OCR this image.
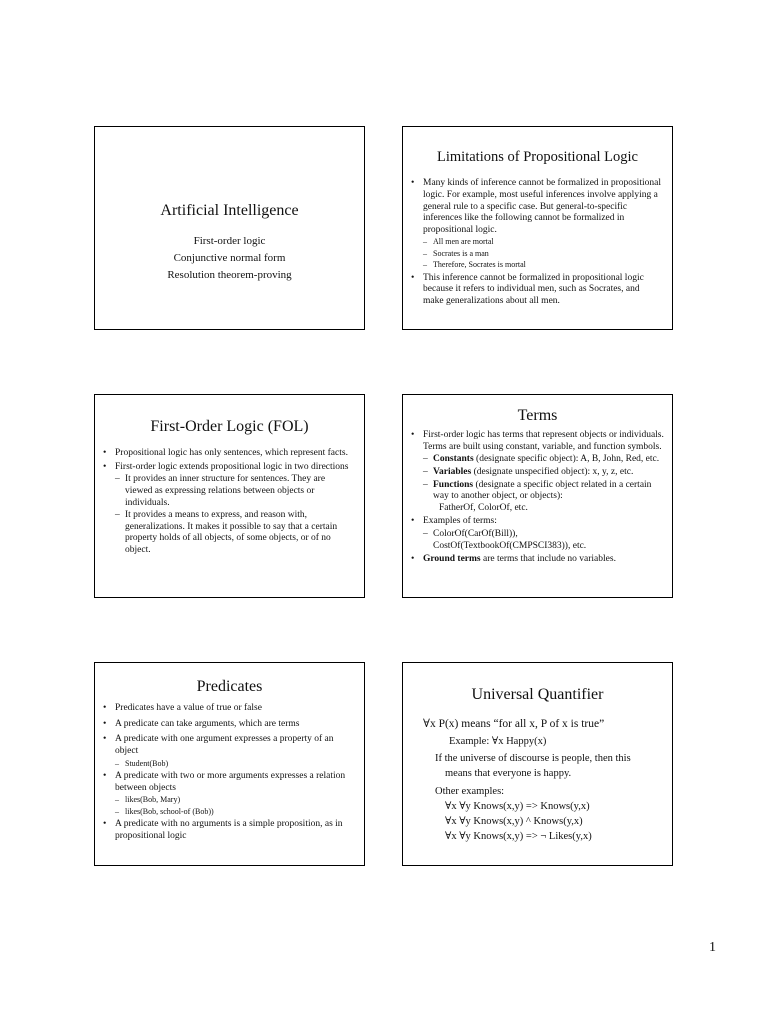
Artificial Intelligence
First-order logic
Conjunctive normal form
Resolution theorem-proving
Limitations of Propositional Logic
• Many kinds of inference cannot be formalized in propositional logic. For example, most useful inferences involve applying a general rule to a specific case. But general-to-specific inferences like the following cannot be formalized in propositional logic.
– All men are mortal
– Socrates is a man
– Therefore, Socrates is mortal
• This inference cannot be formalized in propositional logic because it refers to individual men, such as Socrates, and make generalizations about all men.
First-Order Logic (FOL)
• Propositional logic has only sentences, which represent facts.
• First-order logic extends propositional logic in two directions
– It provides an inner structure for sentences. They are viewed as expressing relations between objects or individuals.
– It provides a means to express, and reason with, generalizations. It makes it possible to say that a certain property holds of all objects, of some objects, or of no object.
Terms
• First-order logic has terms that represent objects or individuals. Terms are built using constant, variable, and function symbols.
– Constants (designate specific object): A, B, John, Red, etc.
– Variables (designate unspecified object): x, y, z, etc.
– Functions (designate a specific object related in a certain way to another object, or objects):
FatherOf, ColorOf, etc.
• Examples of terms:
– ColorOf(CarOf(Bill)),
CostOf(TextbookOf(CMPSCI383)), etc.
• Ground terms are terms that include no variables.
Predicates
• Predicates have a value of true or false
• A predicate can take arguments, which are terms
• A predicate with one argument expresses a property of an object
– Student(Bob)
• A predicate with two or more arguments expresses a relation between objects
– likes(Bob, Mary)
– likes(Bob, school-of (Bob))
• A predicate with no arguments is a simple proposition, as in propositional logic
Universal Quantifier
∀x P(x) means “for all x, P of x is true”
Example: ∀x Happy(x)
If the universe of discourse is people, then this
means that everyone is happy.
Other examples:
∀x ∀y Knows(x,y) => Knows(y,x)
∀x ∀y Knows(x,y) ^ Knows(y,x)
∀x ∀y Knows(x,y) => ¬ Likes(y,x)
1
